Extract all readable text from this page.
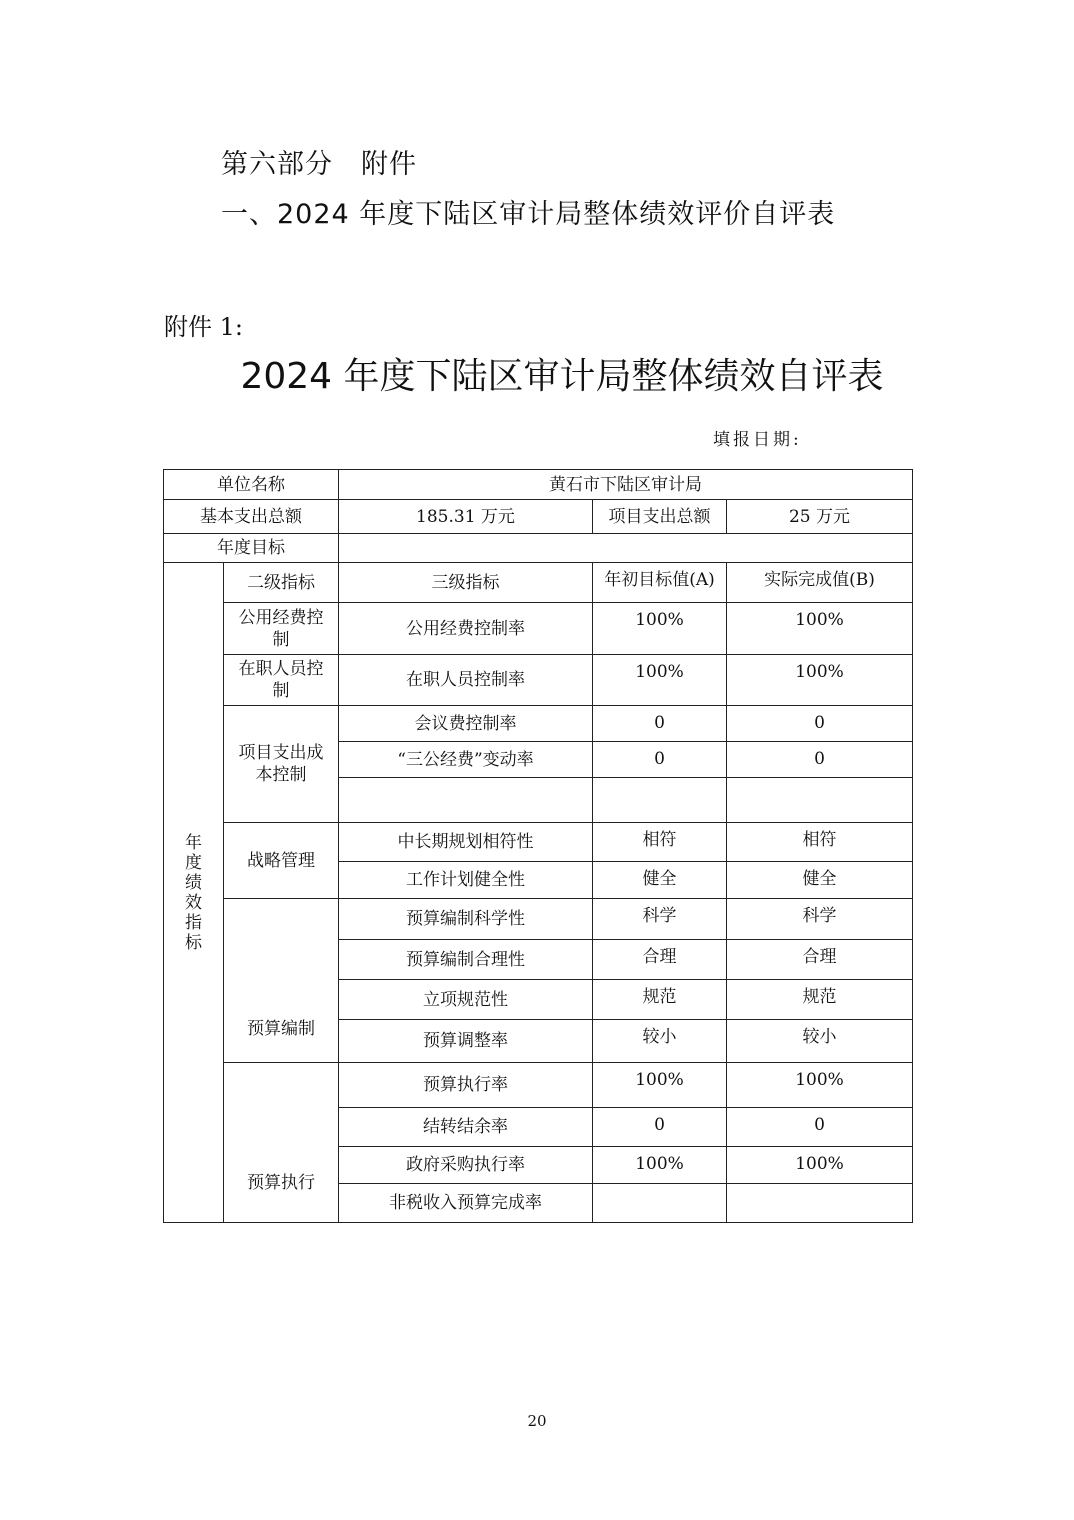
第六部分 附件
一、2024 年度下陆区审计局整体绩效评价自评表
附件 1:
2024 年度下陆区审计局整体绩效自评表
填报日期:
单位名称		黄石市下陆区审计局		
基本支出总额		185.31 万元	项目支出总额	25 万元
年度目标				

年度绩效指标	二级指标	三级指标	年初目标值(A)	实际完成值(B)
	公用经费控制	公用经费控制率	100%	100%
	在职人员控制	在职人员控制率	100%	100%
	项目支出成本控制	会议费控制率	0	0
		“三公经费”变动率	0	0

	战略管理	中长期规划相符性	相符	相符
		工作计划健全性	健全	健全
	预算编制	预算编制科学性	科学	科学
		预算编制合理性	合理	合理
		立项规范性	规范	规范
		预算调整率	较小	较小
	预算执行	预算执行率	100%	100%
		结转结余率	0	0
		政府采购执行率	100%	100%
		非税收入预算完成率		
20
